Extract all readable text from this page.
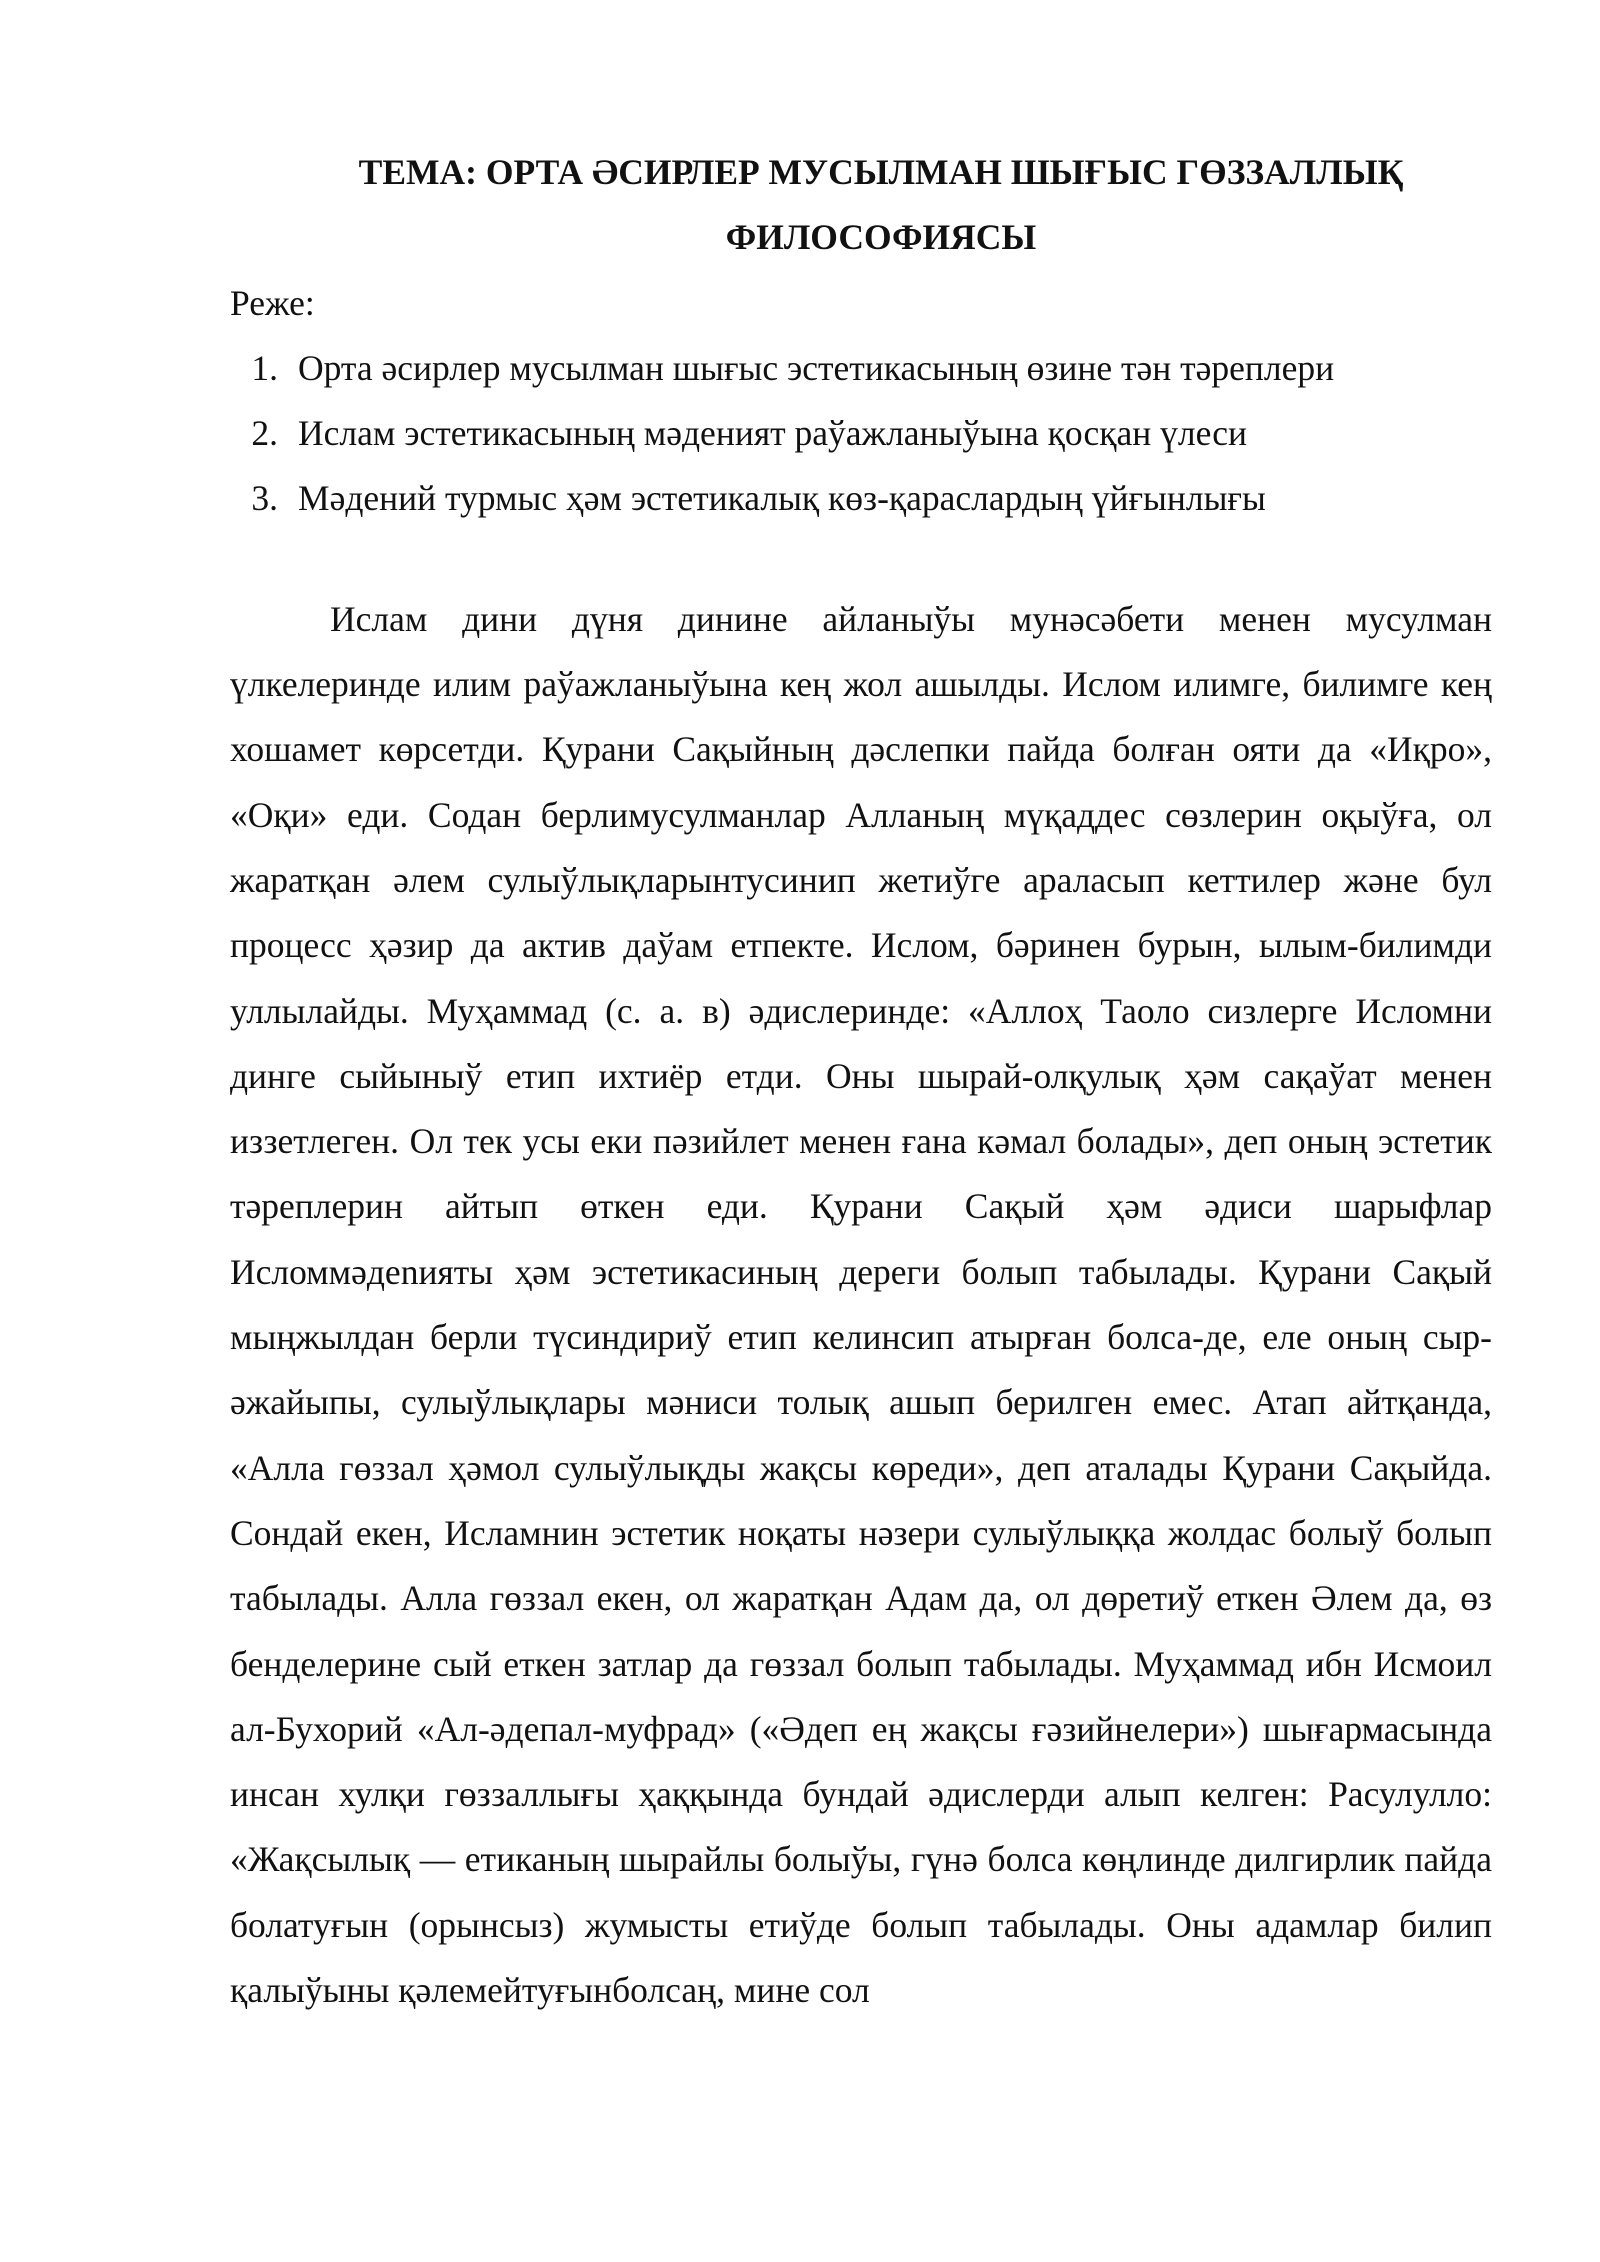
ТЕМА: ОРТА ӘСИРЛЕР МУСЫЛМАН ШЫҒЫС ГӨЗЗАЛЛЫҚ
ФИЛОСОФИЯСЫ

Реже:

1. Орта әсирлер мусылман шығыс эстетикасының өзине тән тәреплери
2. Ислам эстетикасының мәденият раўажланыўына қосқан үлеси
3. Мәдений турмыс ҳәм эстетикалық көз-қараслардың үйғынлығы

Ислам дини дүня динине айланыўы мунәсәбети менен мусулман үлкелеринде илим раўажланыўына кең жол ашылды. Ислом илимге, билимге кең хошамет көрсетди. Қурани Сақыйның дәслепки пайда болған ояти да «Иқро», «Оқи» еди. Содан берлимусулманлар Алланың мүқаддес сөзлерин оқыўға, ол жаратқан әлем сулыўлықларынтусинип жетиўге араласып кеттилер және бул процесс ҳәзир да актив даўам етпекте. Ислом, бәринен бурын, ылым-билимди уллылайды. Муҳаммад (с. а. в) әдислеринде: «Аллоҳ Таоло сизлерге Исломни динге сыйыныў етип ихтиёр етди. Оны шырай-олқулық ҳәм сақаўат менен иззетлеген. Ол тек усы еки пәзийлет менен ғана кәмал болады», деп оның эстетик тәреплерин айтып өткен еди. Қурани Сақый ҳәм әдиси шарыфлар Исломмәдenияты ҳәм эстетикасиның дереги болып табылады. Қурани Сақый мыңжылдан берли түсиндириў етип келинсип атырған болса-де, еле оның сыр-әжайыпы, сулыўлықлары мәниси толық ашып берилген емес. Атап айтқанда, «Алла гөззал ҳәмол сулыўлықды жақсы көреди», деп аталады Қурани Сақыйда. Сондай екен, Исламнин эстетик ноқаты нәзери сулыўлыққа жолдас болыў болып табылады. Алла гөззал екен, ол жаратқан Адам да, ол дөретиў еткен Әлем да, өз бенделерине сый еткен затлар да гөззал болып табылады. Муҳаммад ибн Исмоил ал-Бухорий «Ал-әдепал-муфрад» («Әдеп ең жақсы ғәзийнелери») шығармасында инсан хулқи гөззаллығы ҳаққында бундай әдислерди алып келген: Расулулло: «Жақсылық — етиканың шырайлы болыўы, гүнә болса көңлинде дилгирлик пайда болатуғын (орынсыз) жумысты етиўде болып табылады. Оны адамлар билип қалыўыны қәлемейтуғынболсаң, мине сол
